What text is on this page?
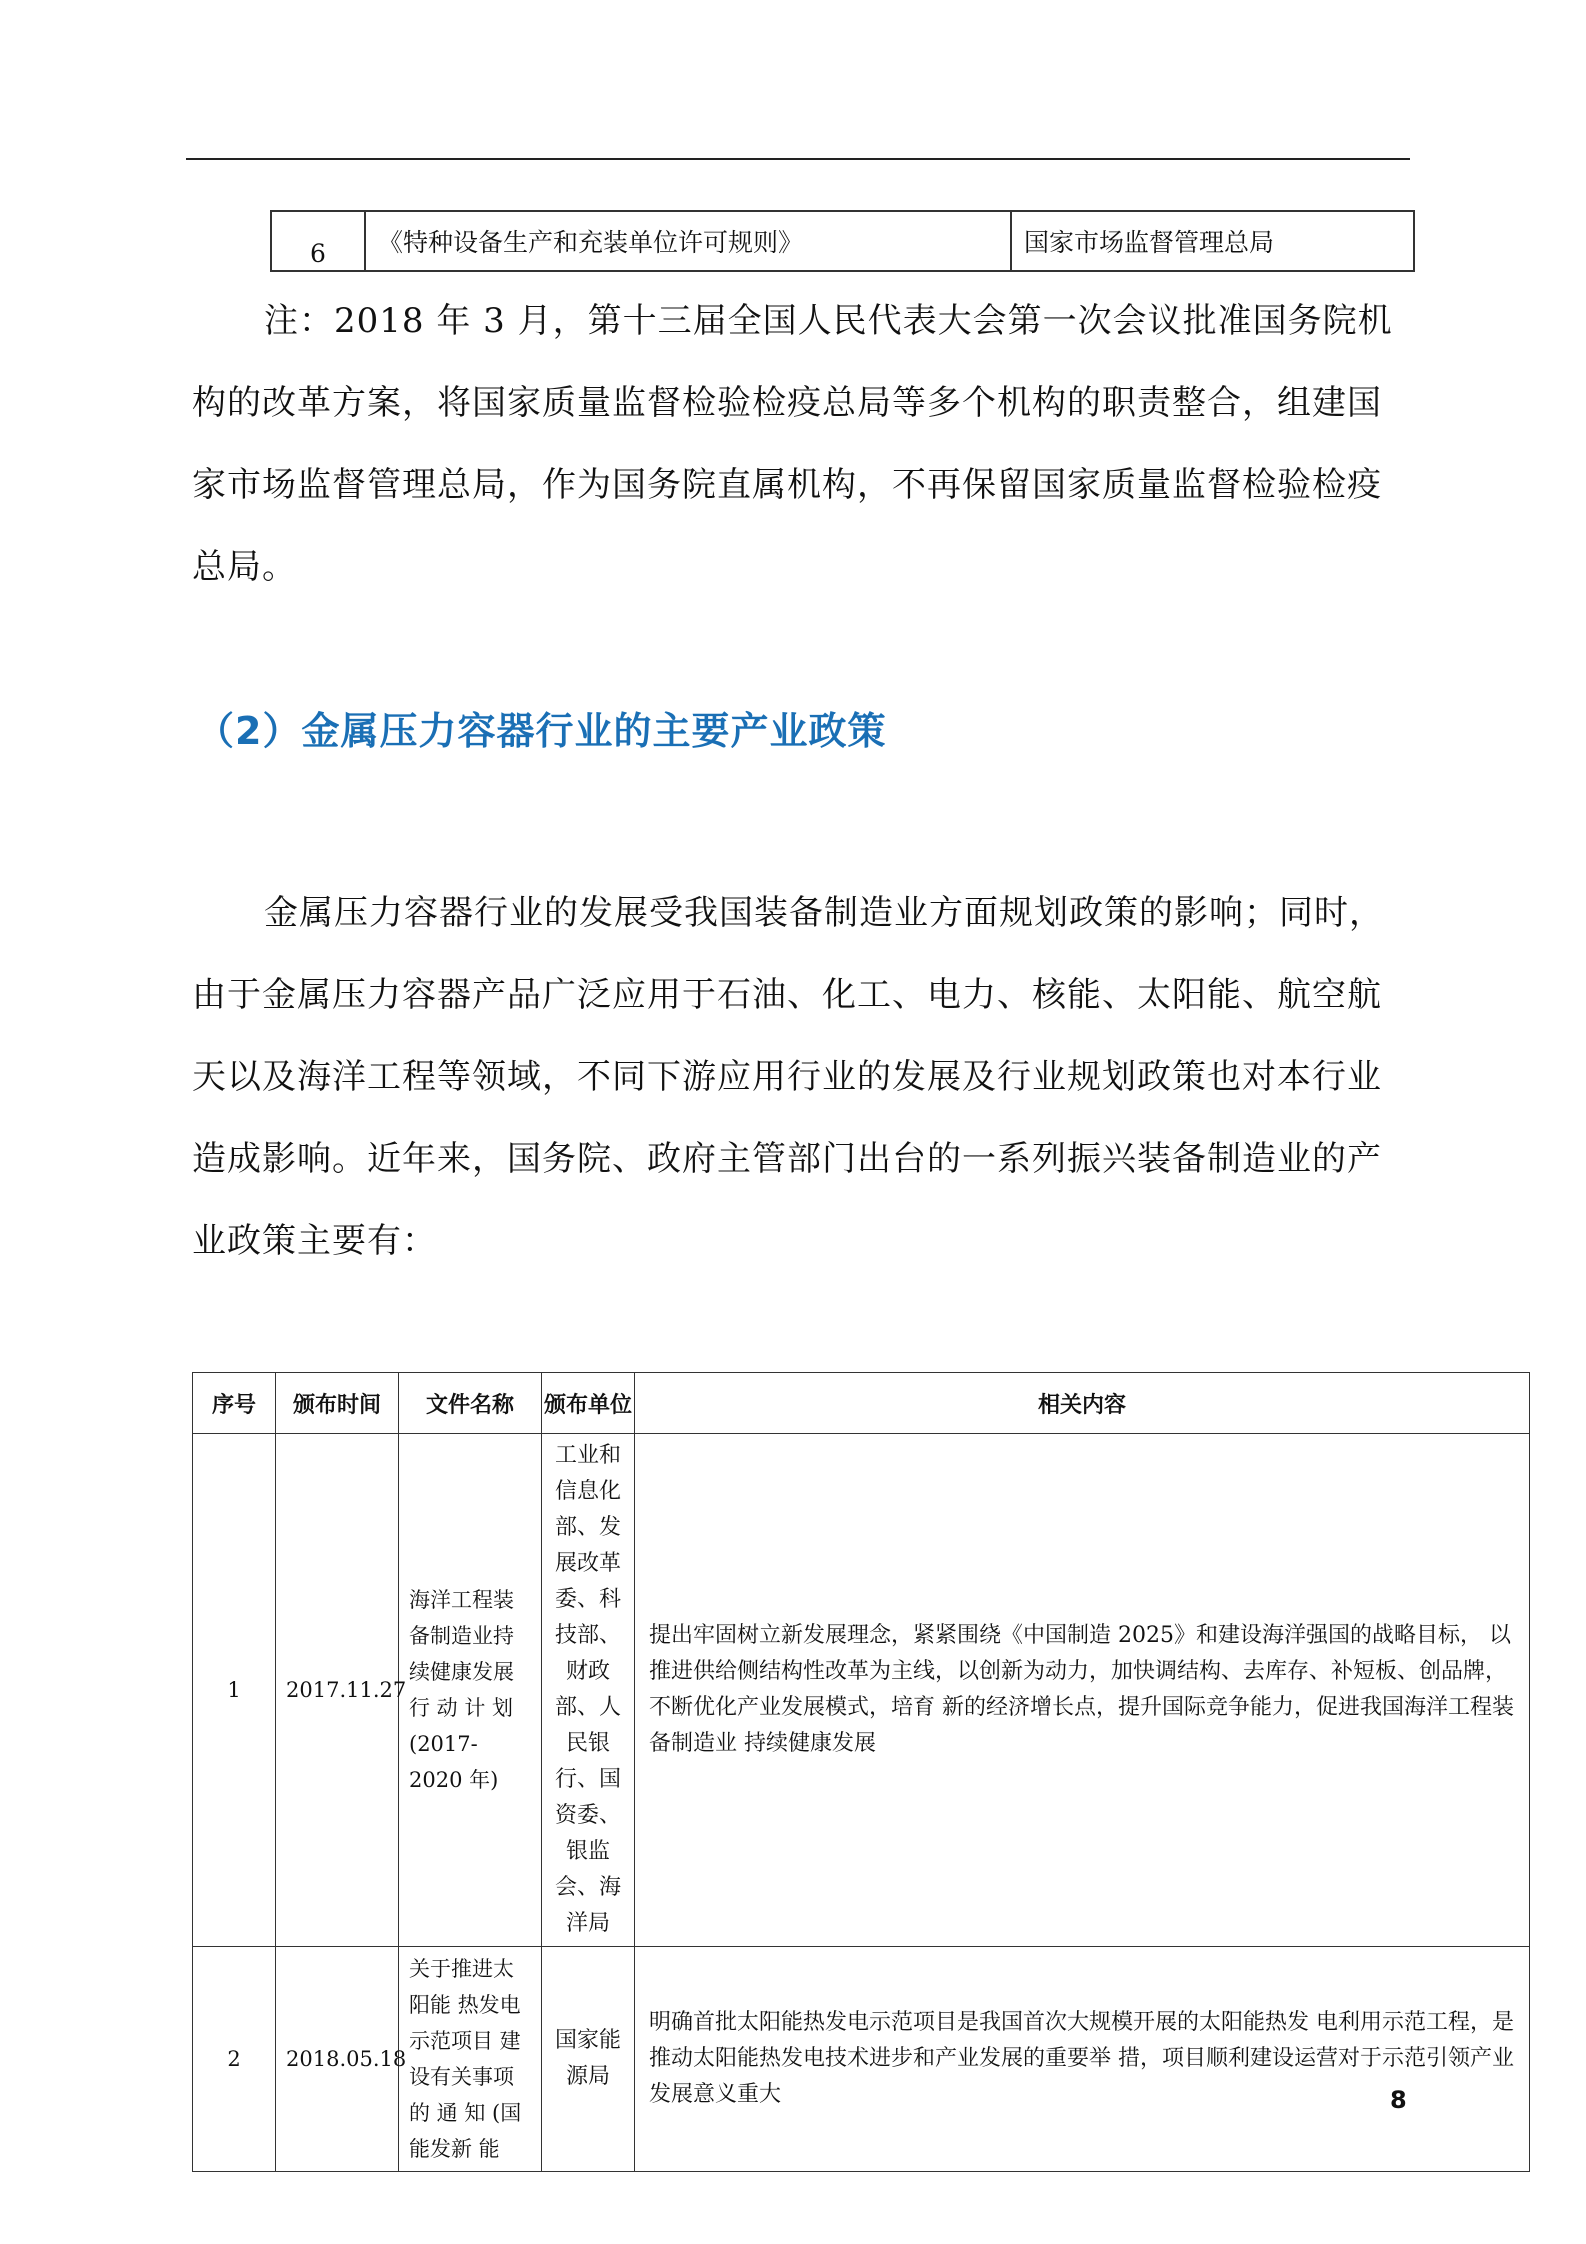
6	《特种设备生产和充装单位许可规则》	国家市场监督管理总局

注：2018 年 3 月，第十三届全国人民代表大会第一次会议批准国务院机构的改革方案，将国家质量监督检验检疫总局等多个机构的职责整合，组建国家市场监督管理总局，作为国务院直属机构，不再保留国家质量监督检验检疫总局。

（2）金属压力容器行业的主要产业政策

金属压力容器行业的发展受我国装备制造业方面规划政策的影响；同时，由于金属压力容器产品广泛应用于石油、化工、电力、核能、太阳能、航空航天以及海洋工程等领域，不同下游应用行业的发展及行业规划政策也对本行业造成影响。近年来，国务院、政府主管部门出台的一系列振兴装备制造业的产业政策主要有：

序号	颁布时间	文件名称	颁布单位	相关内容
1	2017.11.27	海洋工程装备制造业持续健康发展 行 动 计 划 (2017-2020 年)	工业和信息化部、发展改革委、科技部、财政部、人民银行、国资委、银监会、海洋局	提出牢固树立新发展理念，紧紧围绕《中国制造 2025》和建设海洋强国的战略目标， 以推进供给侧结构性改革为主线，以创新为动力，加快调结构、去库存、补短板、创品牌，不断优化产业发展模式，培育 新的经济增长点，提升国际竞争能力，促进我国海洋工程装备制造业 持续健康发展
2	2018.05.18	关于推进太阳能 热发电示范项目 建设有关事项的 通 知 (国能发新 能	国家能源局	明确首批太阳能热发电示范项目是我国首次大规模开展的太阳能热发 电利用示范工程，是推动太阳能热发电技术进步和产业发展的重要举 措，项目顺利建设运营对于示范引领产业发展意义重大	8
